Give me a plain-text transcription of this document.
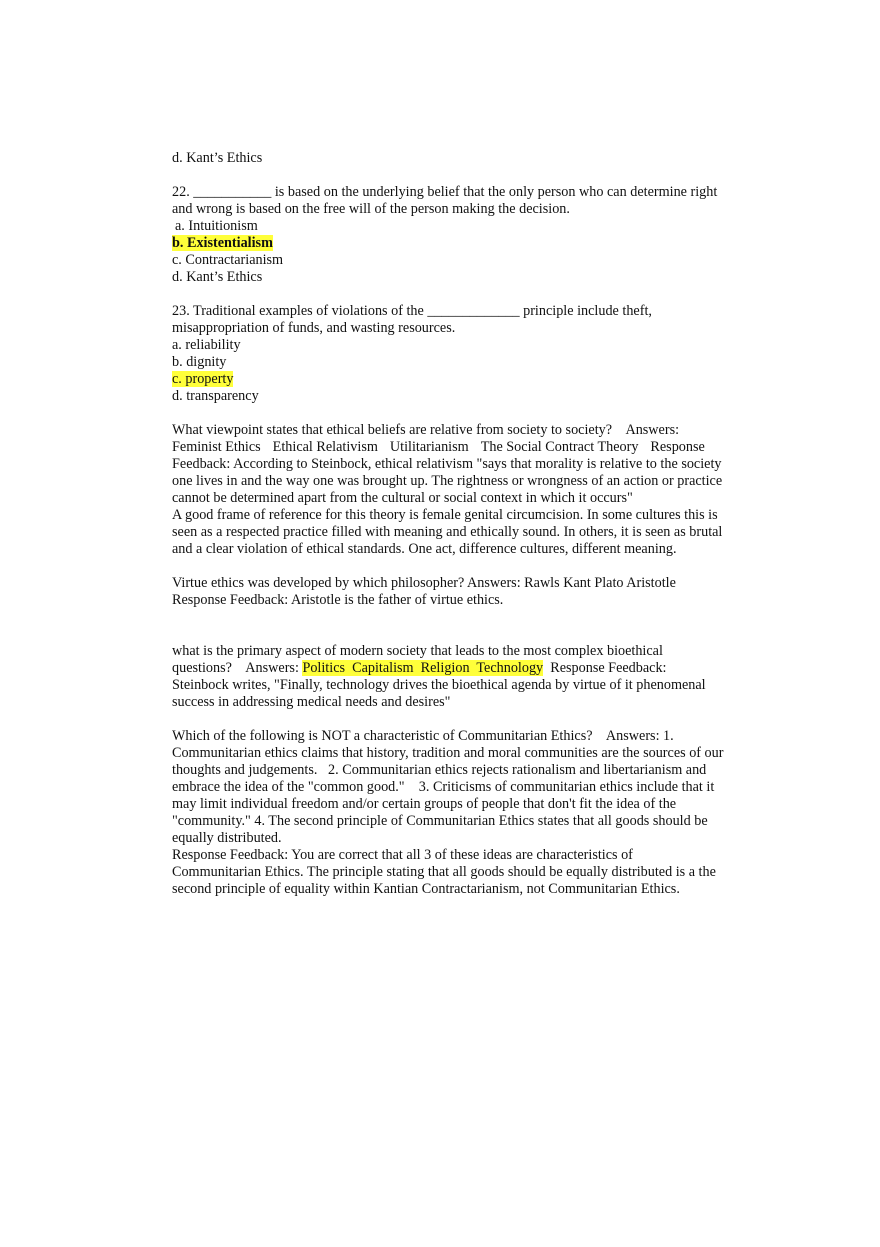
d. Kant’s Ethics
22. ___________ is based on the underlying belief that the only person who can determine right
and wrong is based on the free will of the person making the decision.
a. Intuitionism
b. Existentialism
c. Contractarianism
d. Kant’s Ethics
23. Traditional examples of violations of the _____________ principle include theft,
misappropriation of funds, and wasting resources.
a. reliability
b. dignity
c. property
d. transparency
What viewpoint states that ethical beliefs are relative from society to society?    Answers:
Feminist Ethics Ethical Relativism Utilitarianism The Social Contract Theory Response
Feedback: According to Steinbock, ethical relativism "says that morality is relative to the society
one lives in and the way one was brought up. The rightness or wrongness of an action or practice
cannot be determined apart from the cultural or social context in which it occurs"
A good frame of reference for this theory is female genital circumcision. In some cultures this is
seen as a respected practice filled with meaning and ethically sound. In others, it is seen as brutal
and a clear violation of ethical standards. One act, difference cultures, different meaning.
Virtue ethics was developed by which philosopher? Answers: Rawls Kant Plato Aristotle
Response Feedback: Aristotle is the father of virtue ethics.
what is the primary aspect of modern society that leads to the most complex bioethical
questions?    Answers: Politics  Capitalism  Religion  Technology  Response Feedback:
Steinbock writes, "Finally, technology drives the bioethical agenda by virtue of it phenomenal
success in addressing medical needs and desires"
Which of the following is NOT a characteristic of Communitarian Ethics?    Answers: 1.
Communitarian ethics claims that history, tradition and moral communities are the sources of our
thoughts and judgements.   2. Communitarian ethics rejects rationalism and libertarianism and
embrace the idea of the "common good."    3. Criticisms of communitarian ethics include that it
may limit individual freedom and/or certain groups of people that don't fit the idea of the
"community." 4. The second principle of Communitarian Ethics states that all goods should be
equally distributed.
Response Feedback: You are correct that all 3 of these ideas are characteristics of
Communitarian Ethics. The principle stating that all goods should be equally distributed is a the
second principle of equality within Kantian Contractarianism, not Communitarian Ethics.
